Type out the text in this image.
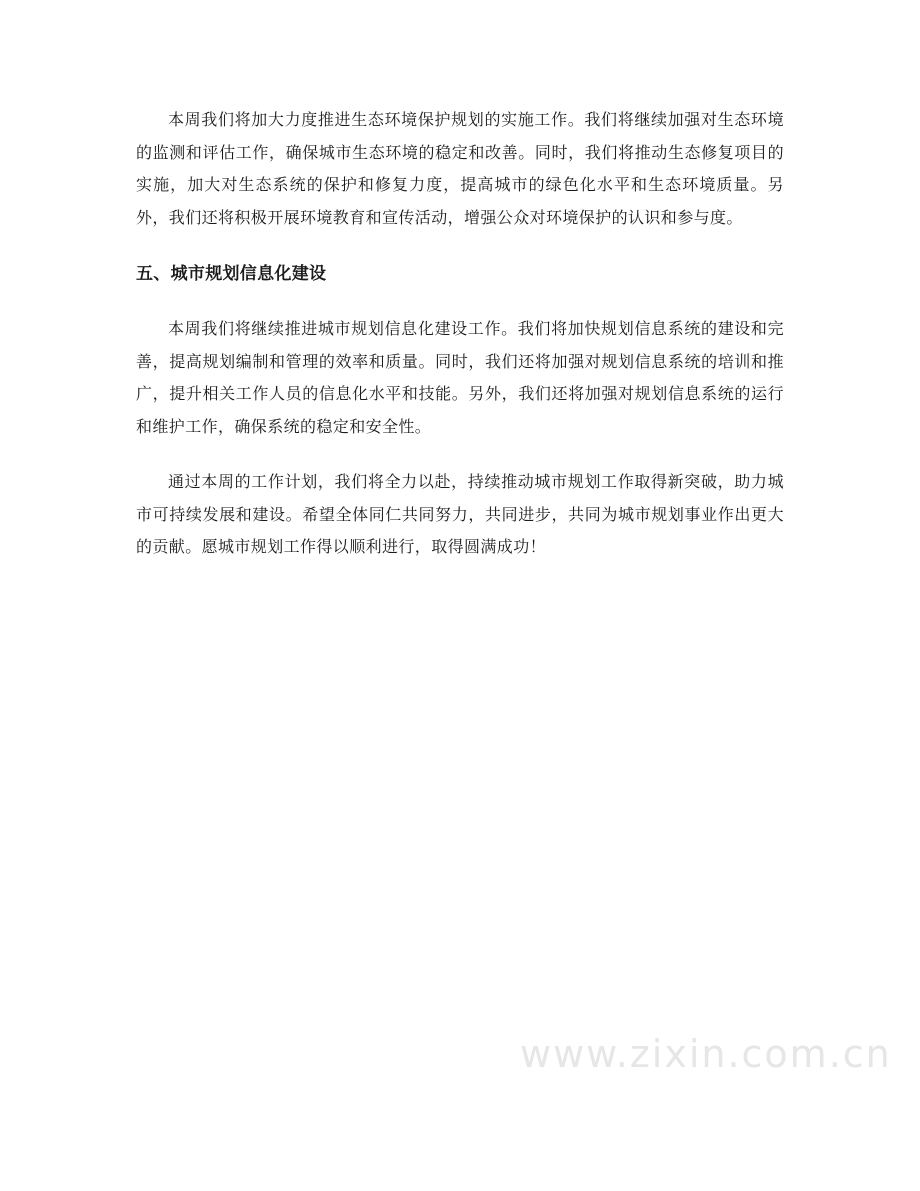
本周我们将加大力度推进生态环境保护规划的实施工作。我们将继续加强对生态环境的监测和评估工作，确保城市生态环境的稳定和改善。同时，我们将推动生态修复项目的实施，加大对生态系统的保护和修复力度，提高城市的绿色化水平和生态环境质量。另外，我们还将积极开展环境教育和宣传活动，增强公众对环境保护的认识和参与度。

五、城市规划信息化建设

本周我们将继续推进城市规划信息化建设工作。我们将加快规划信息系统的建设和完善，提高规划编制和管理的效率和质量。同时，我们还将加强对规划信息系统的培训和推广，提升相关工作人员的信息化水平和技能。另外，我们还将加强对规划信息系统的运行和维护工作，确保系统的稳定和安全性。

通过本周的工作计划，我们将全力以赴，持续推动城市规划工作取得新突破，助力城市可持续发展和建设。希望全体同仁共同努力，共同进步，共同为城市规划事业作出更大的贡献。愿城市规划工作得以顺利进行，取得圆满成功！

www.zixin.com.cn
